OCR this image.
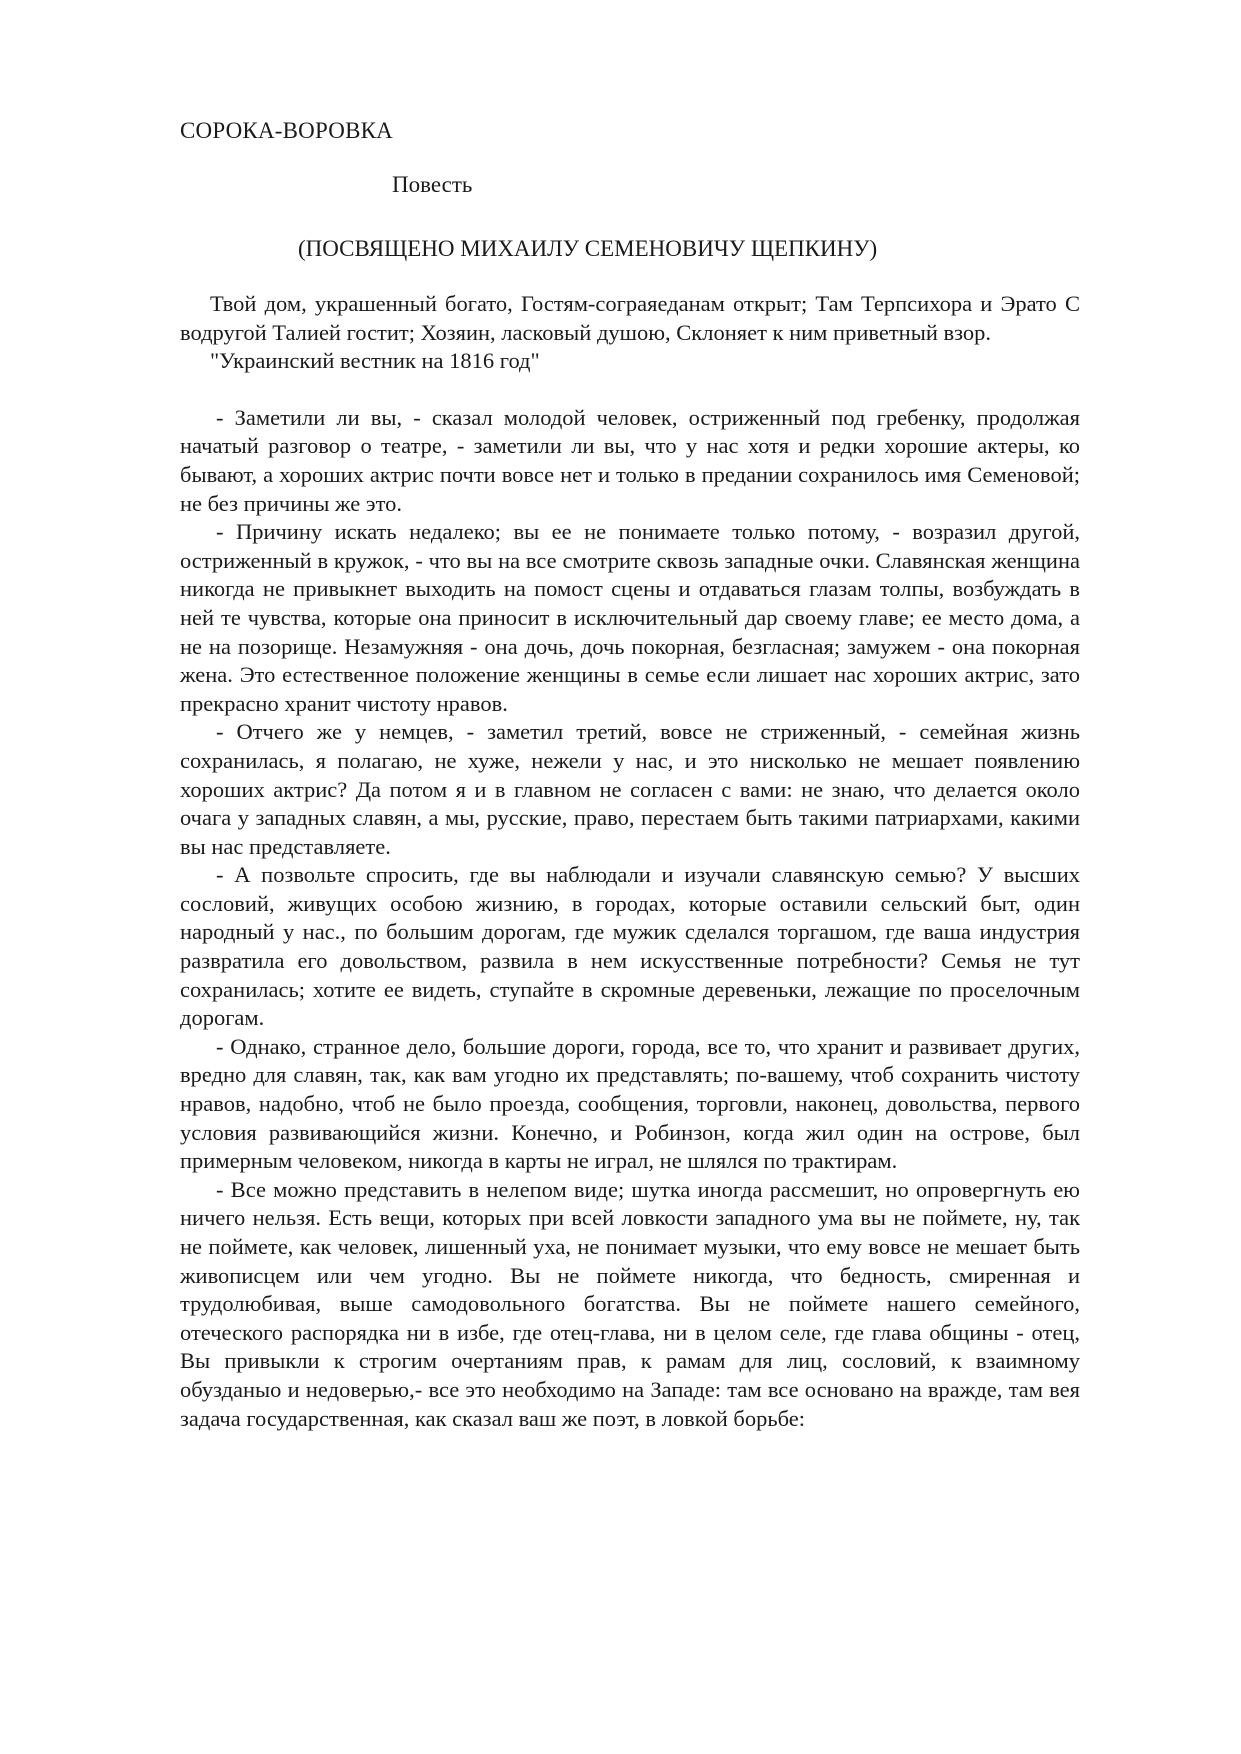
СОРОКА-ВОРОВКА
Повесть
(ПОСВЯЩЕНО МИХАИЛУ СЕМЕНОВИЧУ ЩЕПКИНУ)

Твой дом, украшенный богато, Гостям-сограяеданам открыт; Там Терпсихора и Эрато С водругой Талией гостит; Хозяин, ласковый душою, Склоняет к ним приветный взор.

"Украинский вестник на 1816 год"

- Заметили ли вы, - сказал молодой человек, остриженный под гребенку, продолжая начатый разговор о театре, - заметили ли вы, что у нас хотя и редки хорошие актеры, ко бывают, а хороших актрис почти вовсе нет и только в предании сохранилось имя Семеновой; не без причины же это.

- Причину искать недалеко; вы ее не понимаете только потому, - возразил другой, остриженный в кружок, - что вы на все смотрите сквозь западные очки. Славянская женщина никогда не привыкнет выходить на помост сцены и отдаваться глазам толпы, возбуждать в ней те чувства, которые она приносит в исключительный дар своему главе; ее место дома, а не на позорище. Незамужняя - она дочь, дочь покорная, безгласная; замужем - она покорная жена. Это естественное положение женщины в семье если лишает нас хороших актрис, зато прекрасно хранит чистоту нравов.

- Отчего же у немцев, - заметил третий, вовсе не стриженный, - семейная жизнь сохранилась, я полагаю, не хуже, нежели у нас, и это нисколько не мешает появлению хороших актрис? Да потом я и в главном не согласен с вами: не знаю, что делается около очага у западных славян, а мы, русские, право, перестаем быть такими патриархами, какими вы нас представляете.

- А позвольте спросить, где вы наблюдали и изучали славянскую семью? У высших сословий, живущих особою жизнию, в городах, которые оставили сельский быт, один народный у нас., по большим дорогам, где мужик сделался торгашом, где ваша индустрия развратила его довольством, развила в нем искусственные потребности? Семья не тут сохранилась; хотите ее видеть, ступайте в скромные деревеньки, лежащие по проселочным дорогам.

- Однако, странное дело, большие дороги, города, все то, что хранит и развивает других, вредно для славян, так, как вам угодно их представлять; по-вашему, чтоб сохранить чистоту нравов, надобно, чтоб не было проезда, сообщения, торговли, наконец, довольства, первого условия развивающийся жизни. Конечно, и Робинзон, когда жил один на острове, был примерным человеком, никогда в карты не играл, не шлялся по трактирам.

- Все можно представить в нелепом виде; шутка иногда рассмешит, но опровергнуть ею ничего нельзя. Есть вещи, которых при всей ловкости западного ума вы не поймете, ну, так не поймете, как человек, лишенный уха, не понимает музыки, что ему вовсе не мешает быть живописцем или чем угодно. Вы не поймете никогда, что бедность, смиренная и трудолюбивая, выше самодовольного богатства. Вы не поймете нашего семейного, отеческого распорядка ни в избе, где отец-глава, ни в целом селе, где глава общины - отец, Вы привыкли к строгим очертаниям прав, к рамам для лиц, сословий, к взаимному обузданыо и недоверью,- все это необходимо на Западе: там все основано на вражде, там вея задача государственная, как сказал ваш же поэт, в ловкой борьбе:
